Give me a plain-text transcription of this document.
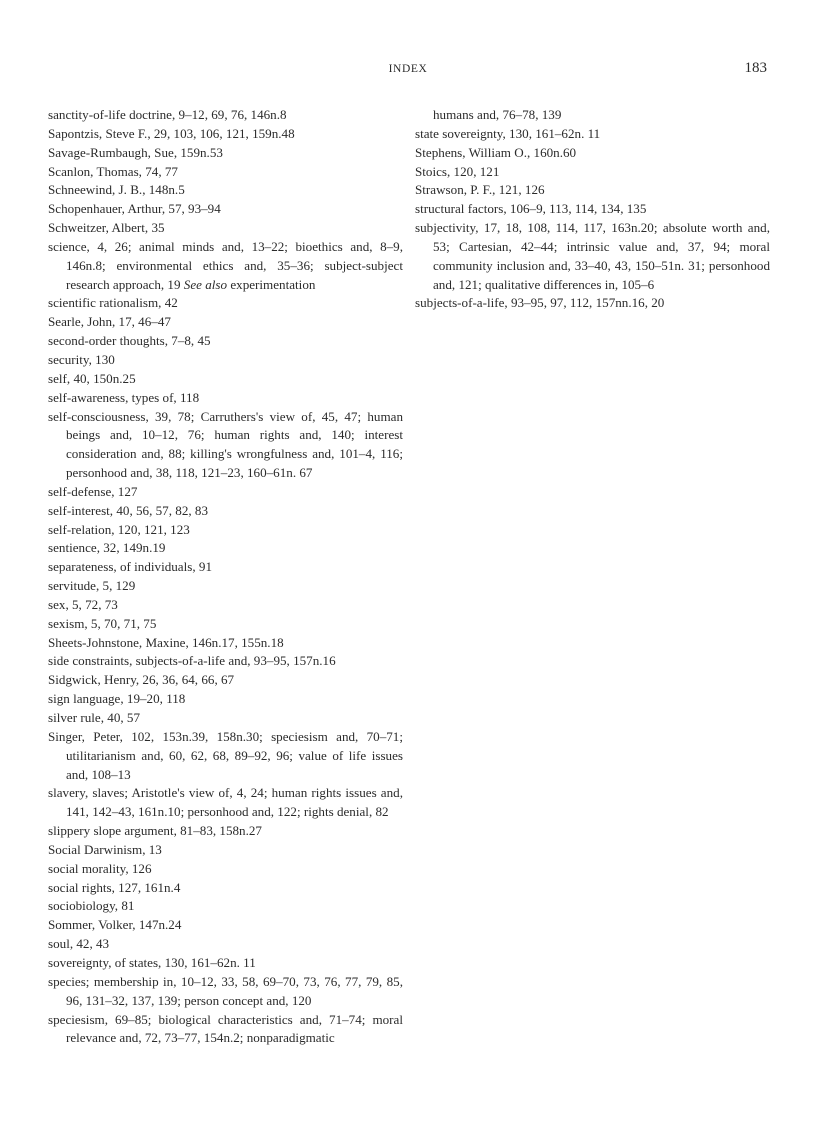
INDEX	183
sanctity-of-life doctrine, 9–12, 69, 76, 146n.8
Sapontzis, Steve F., 29, 103, 106, 121, 159n.48
Savage-Rumbaugh, Sue, 159n.53
Scanlon, Thomas, 74, 77
Schneewind, J. B., 148n.5
Schopenhauer, Arthur, 57, 93–94
Schweitzer, Albert, 35
science, 4, 26; animal minds and, 13–22; bioethics and, 8–9, 146n.8; environmental ethics and, 35–36; subject-subject research approach, 19 See also experimentation
scientific rationalism, 42
Searle, John, 17, 46–47
second-order thoughts, 7–8, 45
security, 130
self, 40, 150n.25
self-awareness, types of, 118
self-consciousness, 39, 78; Carruthers's view of, 45, 47; human beings and, 10–12, 76; human rights and, 140; interest consideration and, 88; killing's wrongfulness and, 101–4, 116; personhood and, 38, 118, 121–23, 160–61n. 67
self-defense, 127
self-interest, 40, 56, 57, 82, 83
self-relation, 120, 121, 123
sentience, 32, 149n.19
separateness, of individuals, 91
servitude, 5, 129
sex, 5, 72, 73
sexism, 5, 70, 71, 75
Sheets-Johnstone, Maxine, 146n.17, 155n.18
side constraints, subjects-of-a-life and, 93–95, 157n.16
Sidgwick, Henry, 26, 36, 64, 66, 67
sign language, 19–20, 118
silver rule, 40, 57
Singer, Peter, 102, 153n.39, 158n.30; speciesism and, 70–71; utilitarianism and, 60, 62, 68, 89–92, 96; value of life issues and, 108–13
slavery, slaves; Aristotle's view of, 4, 24; human rights issues and, 141, 142–43, 161n.10; personhood and, 122; rights denial, 82
slippery slope argument, 81–83, 158n.27
Social Darwinism, 13
social morality, 126
social rights, 127, 161n.4
sociobiology, 81
Sommer, Volker, 147n.24
soul, 42, 43
sovereignty, of states, 130, 161–62n. 11
species; membership in, 10–12, 33, 58, 69–70, 73, 76, 77, 79, 85, 96, 131–32, 137, 139; person concept and, 120
speciesism, 69–85; biological characteristics and, 71–74; moral relevance and, 72, 73–77, 154n.2; nonparadigmatic
humans and, 76–78, 139
state sovereignty, 130, 161–62n. 11
Stephens, William O., 160n.60
Stoics, 120, 121
Strawson, P. F., 121, 126
structural factors, 106–9, 113, 114, 134, 135
subjectivity, 17, 18, 108, 114, 117, 163n.20; absolute worth and, 53; Cartesian, 42–44; intrinsic value and, 37, 94; moral community inclusion and, 33–40, 43, 150–51n. 31; personhood and, 121; qualitative differences in, 105–6
subjects-of-a-life, 93–95, 97, 112, 157nn.16, 20
